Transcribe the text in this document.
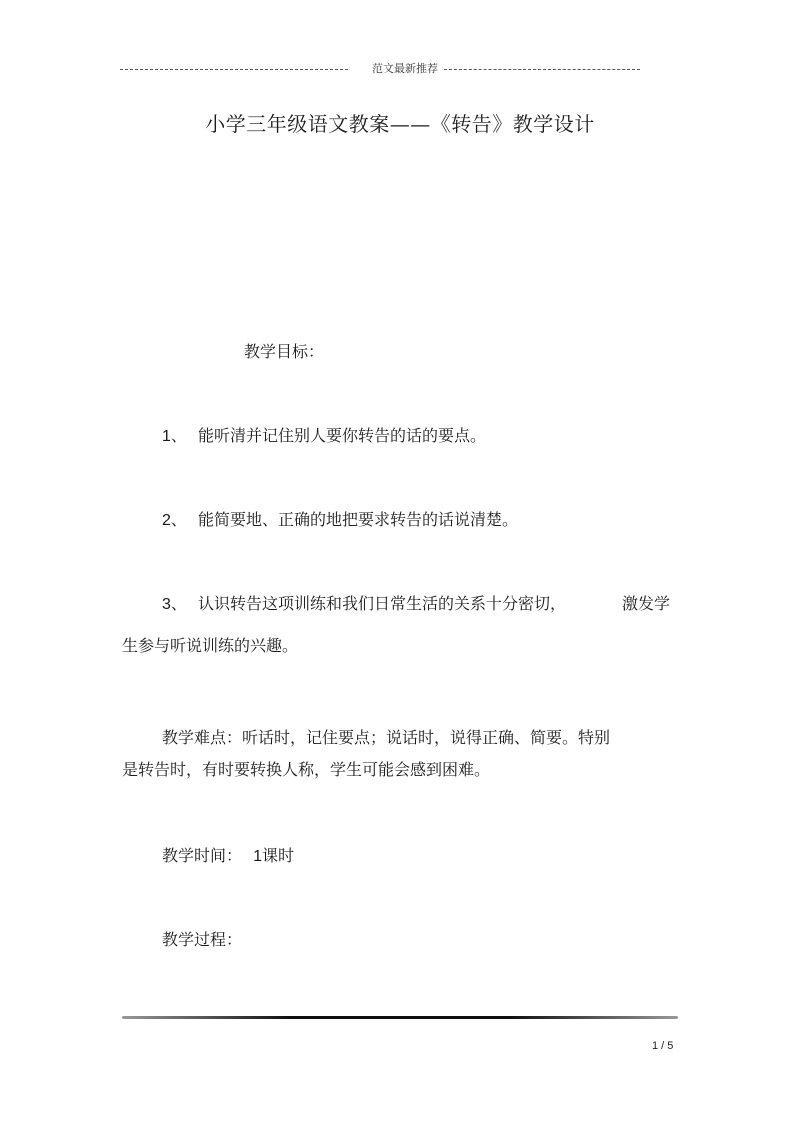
范文最新推荐
小学三年级语文教案——《转告》教学设计
教学目标：
1、 能听清并记住别人要你转告的话的要点。
2、 能简要地、正确的地把要求转告的话说清楚。
3、 认识转告这项训练和我们日常生活的关系十分密切，	激发学
生参与听说训练的兴趣。
教学难点：听话时，记住要点；说话时，说得正确、简要。特别
是转告时，有时要转换人称，学生可能会感到困难。
教学时间： 1课时
教学过程：
1 / 5
